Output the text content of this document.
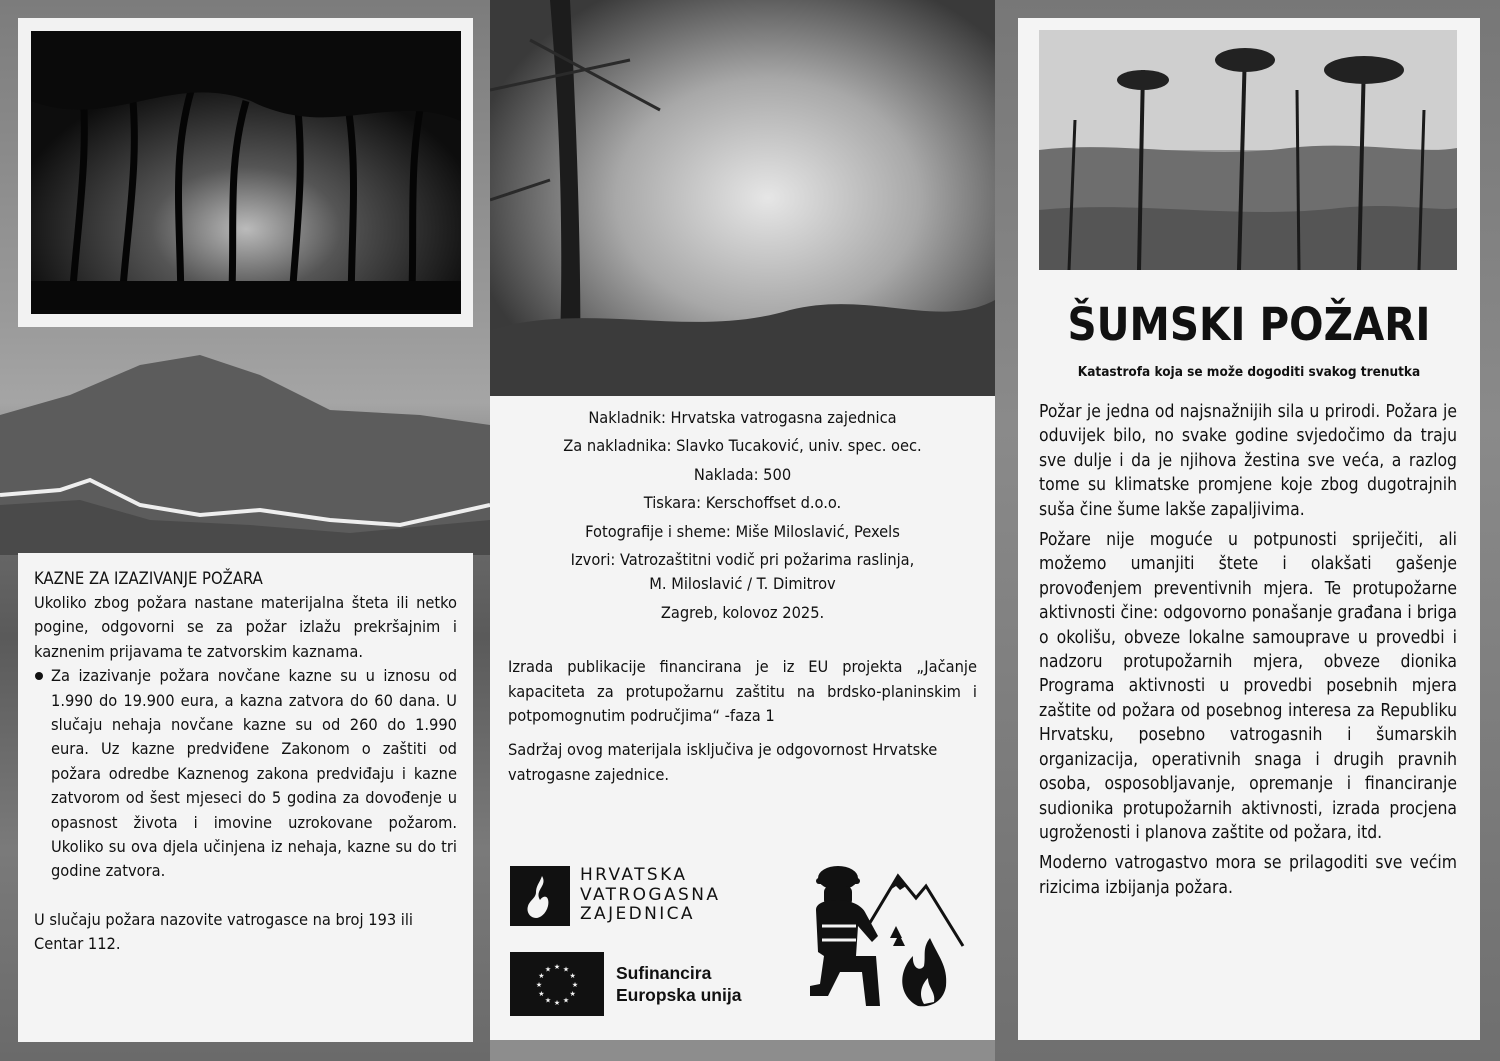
KAZNE ZA IZAZIVANJE POŽARA

Ukoliko zbog požara nastane materijalna šteta ili netko pogine, odgovorni se za požar izlažu prekršajnim i kaznenim prijavama te zatvorskim kaznama.

Za izazivanje požara novčane kazne su u iznosu od 1.990 do 19.900 eura, a kazna zatvora do 60 dana. U slučaju nehaja novčane kazne su od 260 do 1.990 eura. Uz kazne predviđene Zakonom o zaštiti od požara odredbe Kaznenog zakona predviđaju i kazne zatvorom od šest mjeseci do 5 godina za dovođenje u opasnost života i imovine uzrokovane požarom. Ukoliko su ova djela učinjena iz nehaja, kazne su do tri godine zatvora.

U slučaju požara nazovite vatrogasce na broj 193 ili Centar 112.

Nakladnik: Hrvatska vatrogasna zajednica
Za nakladnika: Slavko Tucaković, univ. spec. oec.
Naklada: 500
Tiskara: Kerschoffset d.o.o.
Fotografije i sheme: Miše Miloslavić, Pexels
Izvori: Vatrozaštitni vodič pri požarima raslinja,
M. Miloslavić / T. Dimitrov
Zagreb, kolovoz 2025.

Izrada publikacije financirana je iz EU projekta „Jačanje kapaciteta za protupožarnu zaštitu na brdsko-planinskim i potpomognutim područjima“ -faza 1

Sadržaj ovog materijala isključiva je odgovornost Hrvatske vatrogasne zajednice.

HRVATSKA
VATROGASNA
ZAJEDNICA
★ ★
★
★
★
★
★
★
★
★
★
★	Sufinancira
Europska unija
ŠUMSKI POŽARI
Katastrofa koja se može dogoditi svakog trenutka

Požar je jedna od najsnažnijih sila u prirodi. Požara je oduvijek bilo, no svake godine svjedočimo da traju sve dulje i da je njihova žestina sve veća, a razlog tome su klimatske promjene koje zbog dugotrajnih suša čine šume lakše zapaljivima.

Požare nije moguće u potpunosti spriječiti, ali možemo umanjiti štete i olakšati gašenje provođenjem preventivnih mjera. Te protupožarne aktivnosti čine: odgovorno ponašanje građana i briga o okolišu, obveze lokalne samouprave u provedbi i nadzoru protupožarnih mjera, obveze dionika Programa aktivnosti u provedbi posebnih mjera zaštite od požara od posebnog interesa za Republiku Hrvatsku, posebno vatrogasnih i šumarskih organizacija, operativnih snaga i drugih pravnih osoba, osposobljavanje, opremanje i financiranje sudionika protupožarnih aktivnosti, izrada procjena ugroženosti i planova zaštite od požara, itd.

Moderno vatrogastvo mora se prilagoditi sve većim rizicima izbijanja požara.
